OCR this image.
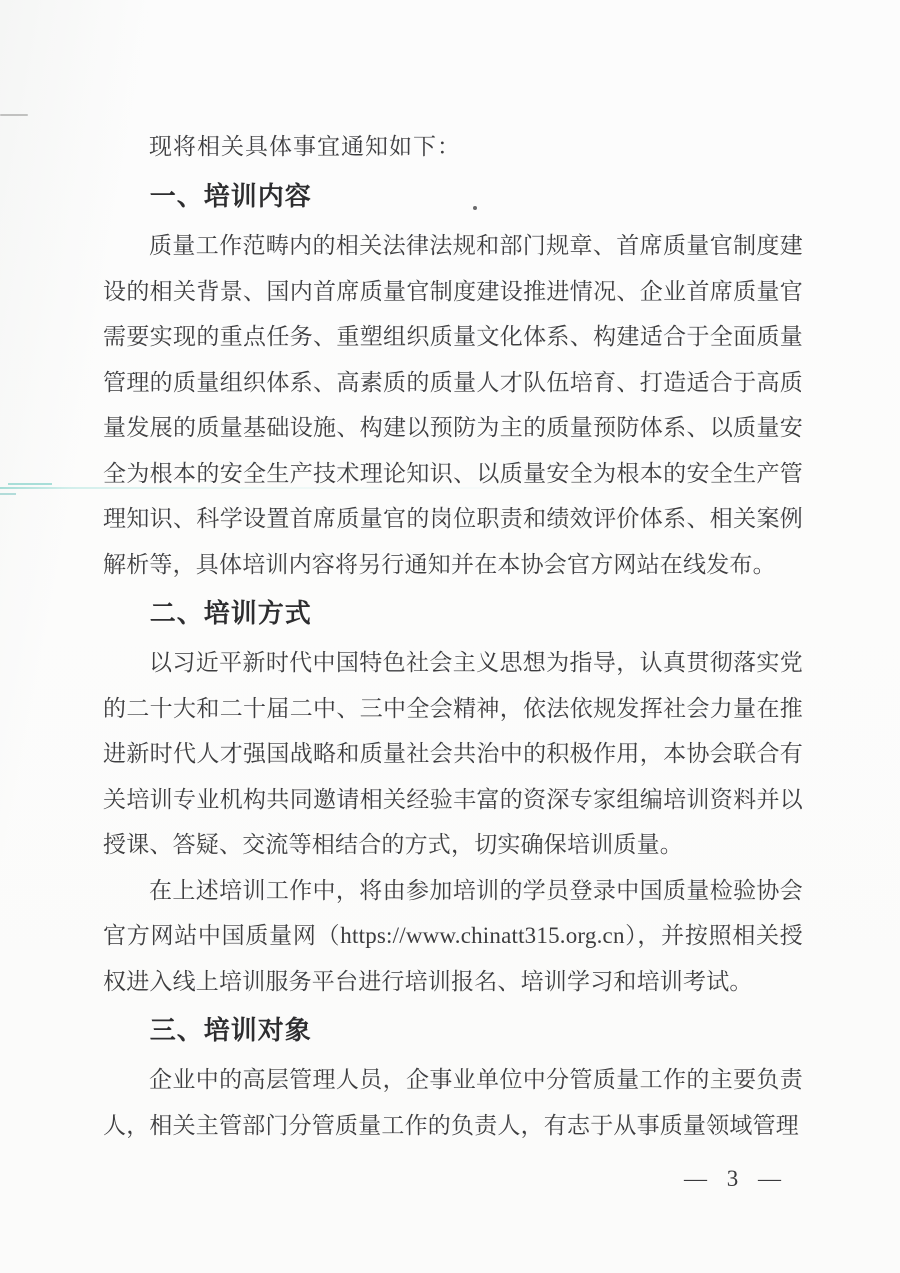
现将相关具体事宜通知如下：

一、培训内容

质量工作范畴内的相关法律法规和部门规章、首席质量官制度建设的相关背景、国内首席质量官制度建设推进情况、企业首席质量官需要实现的重点任务、重塑组织质量文化体系、构建适合于全面质量管理的质量组织体系、高素质的质量人才队伍培育、打造适合于高质量发展的质量基础设施、构建以预防为主的质量预防体系、以质量安全为根本的安全生产技术理论知识、以质量安全为根本的安全生产管理知识、科学设置首席质量官的岗位职责和绩效评价体系、相关案例解析等，具体培训内容将另行通知并在本协会官方网站在线发布。

二、培训方式

以习近平新时代中国特色社会主义思想为指导，认真贯彻落实党的二十大和二十届二中、三中全会精神，依法依规发挥社会力量在推进新时代人才强国战略和质量社会共治中的积极作用，本协会联合有关培训专业机构共同邀请相关经验丰富的资深专家组编培训资料并以授课、答疑、交流等相结合的方式，切实确保培训质量。

在上述培训工作中，将由参加培训的学员登录中国质量检验协会官方网站中国质量网（https://www.chinatt315.org.cn），并按照相关授权进入线上培训服务平台进行培训报名、培训学习和培训考试。

三、培训对象

企业中的高层管理人员，企事业单位中分管质量工作的主要负责人，相关主管部门分管质量工作的负责人，有志于从事质量领域管理

— 3 —
